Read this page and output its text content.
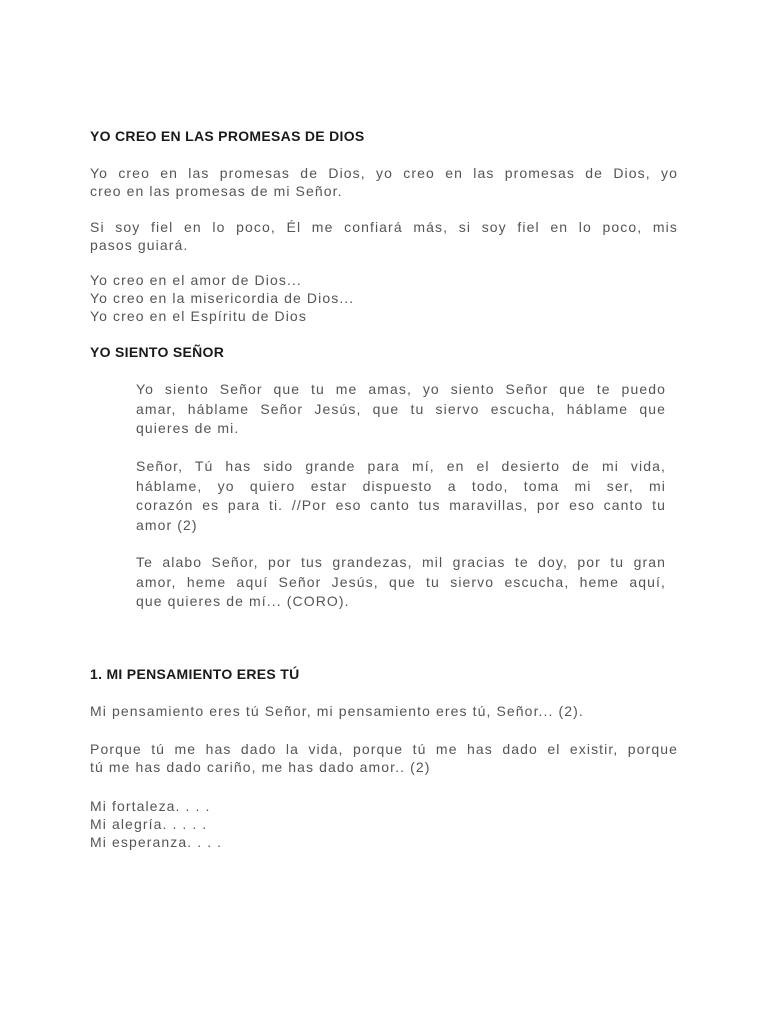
YO CREO EN LAS PROMESAS DE DIOS
Yo creo en las promesas de Dios, yo creo en las promesas de Dios, yo
creo en las promesas de mi Señor.
Si soy fiel en lo poco, Él me confiará más, si soy fiel en lo poco, mis
pasos guiará.
Yo creo en el amor de Dios...
Yo creo en la misericordia de Dios...
Yo creo en el Espíritu de Dios
YO SIENTO SEÑOR
Yo siento Señor que tu me amas, yo siento Señor que te puedo
amar, háblame Señor Jesús, que tu siervo escucha, háblame que
quieres de mi.
Señor, Tú has sido grande para mí, en el desierto de mi vida,
háblame, yo quiero estar dispuesto a todo, toma mi ser, mi
corazón es para ti. //Por eso canto tus maravillas, por eso canto tu
amor (2)
Te alabo Señor, por tus grandezas, mil gracias te doy, por tu gran
amor, heme aquí Señor Jesús, que tu siervo escucha, heme aquí,
que quieres de mí... (CORO).
1. MI PENSAMIENTO ERES TÚ
Mi pensamiento eres tú Señor, mi pensamiento eres tú, Señor... (2).
Porque tú me has dado la vida, porque tú me has dado el existir, porque
tú me has dado cariño, me has dado amor.. (2)
Mi fortaleza. . . .
Mi alegría. . . . .
Mi esperanza. . . .
